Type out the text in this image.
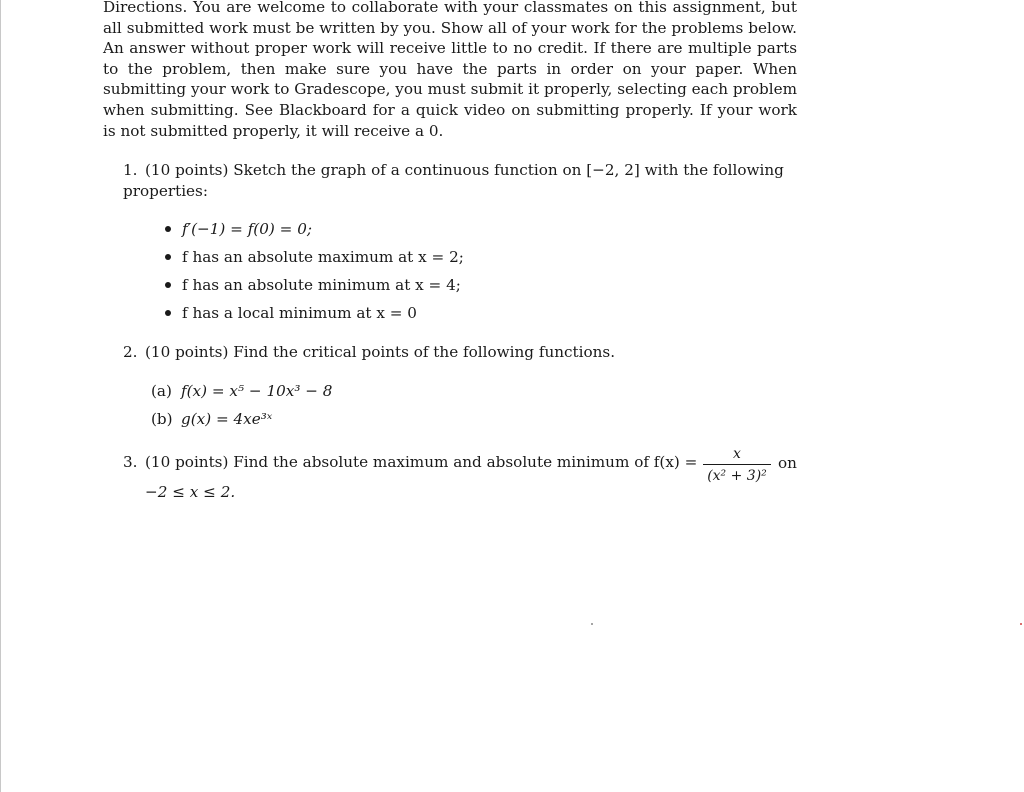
Directions. You are welcome to collaborate with your classmates on this assignment, but all submitted work must be written by you. Show all of your work for the problems below. An answer without proper work will receive little to no credit. If there are multiple parts to the problem, then make sure you have the parts in order on your paper. When submitting your work to Gradescope, you must submit it properly, selecting each problem when submitting. See Blackboard for a quick video on submitting properly. If your work is not submitted properly, it will receive a 0.

1. (10 points) Sketch the graph of a continuous function on [−2, 2] with the following properties:

f′(−1) = f(0) = 0;
f has an absolute maximum at x = 2;
f has an absolute minimum at x = 4;
f has a local minimum at x = 0

2. (10 points) Find the critical points of the following functions.

(a) f(x) = x⁵ − 10x³ − 8
(b) g(x) = 4xe³ˣ
3. (10 points) Find the absolute maximum and absolute minimum of f(x) =	x
(x² + 3)²
on
−2 ≤ x ≤ 2.
